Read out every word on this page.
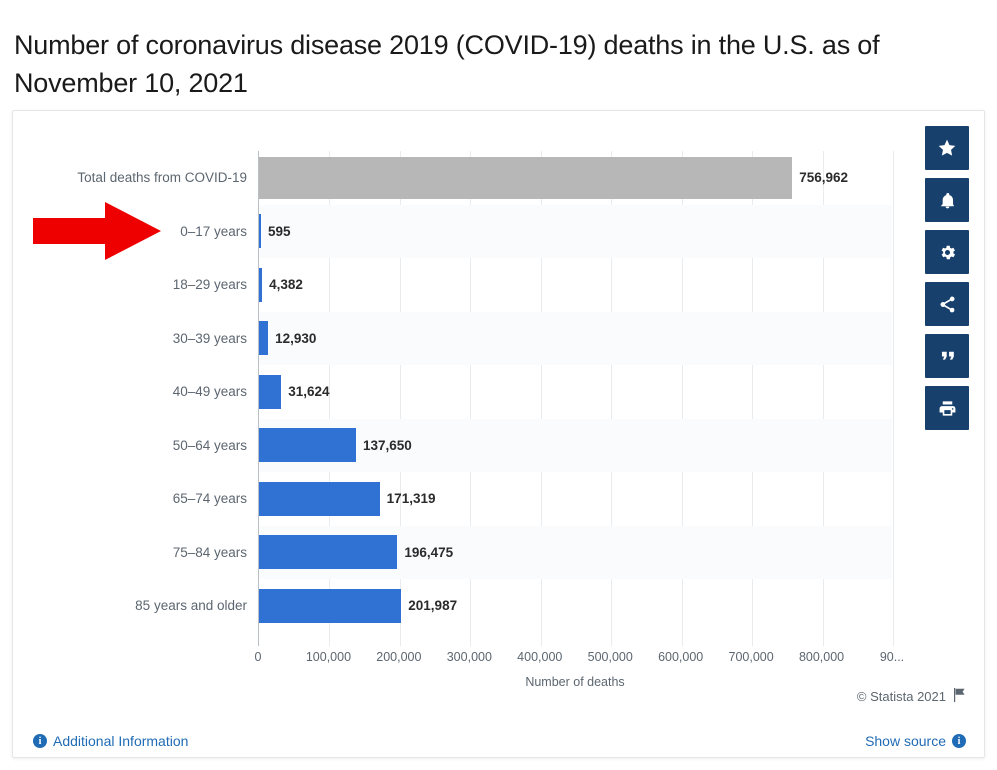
Number of coronavirus disease 2019 (COVID-19) deaths in the U.S. as of November 10, 2021
Total deaths from COVID-19	756,962
0–17 years 595
18–29 years 4,382
30–39 years 12,930
40–49 years	31,624
50–64 years	137,650
65–74 years	171,319
75–84 years	196,475
85 years and older	201,987
0	100,000 200,000 300,000 400,000 500,000 600,000 700,000 800,000	90...
Number of deaths
© Statista 2021
i Additional Information	Show source	i
